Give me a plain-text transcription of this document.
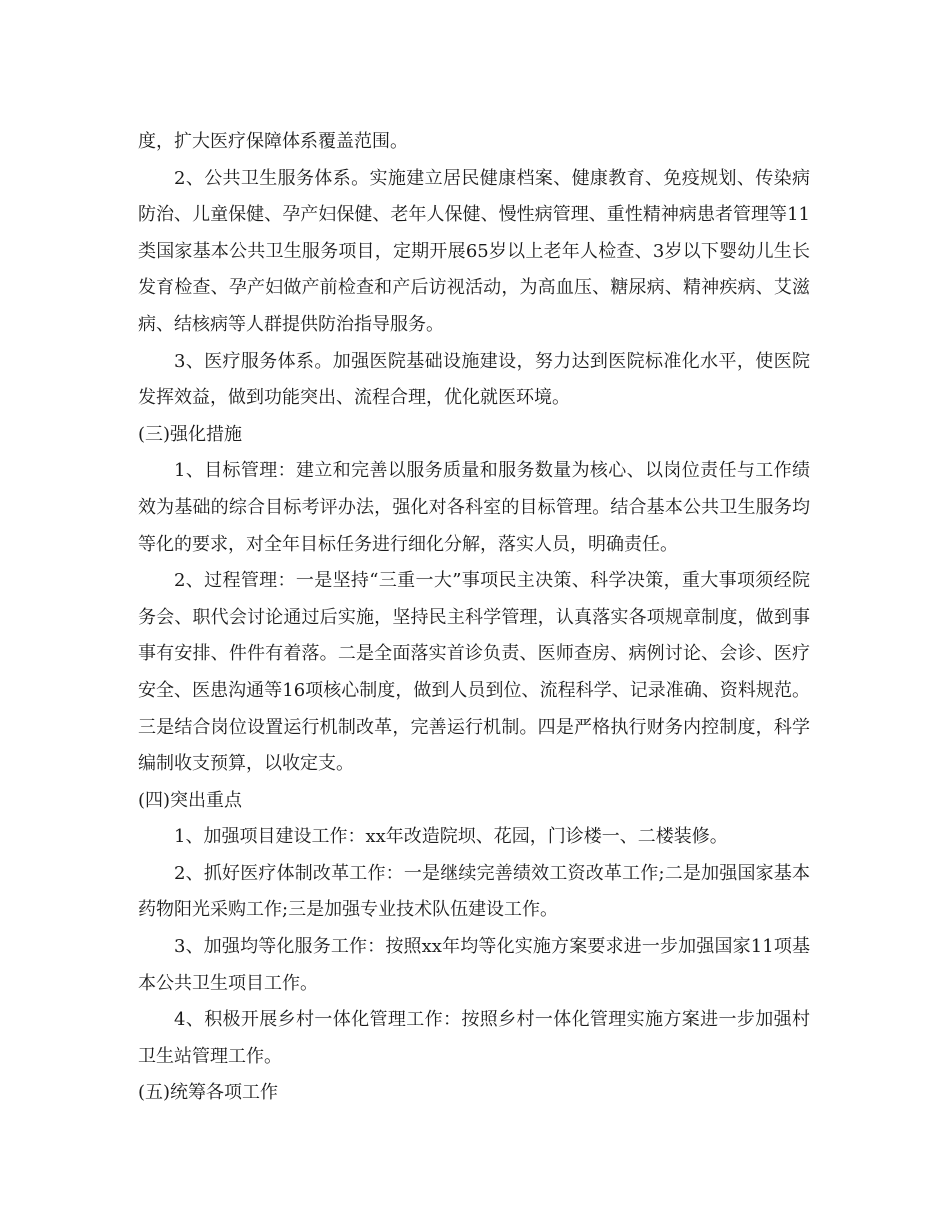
度，扩大医疗保障体系覆盖范围。

2、公共卫生服务体系。实施建立居民健康档案、健康教育、免疫规划、传染病防治、儿童保健、孕产妇保健、老年人保健、慢性病管理、重性精神病患者管理等11类国家基本公共卫生服务项目，定期开展65岁以上老年人检查、3岁以下婴幼儿生长发育检查、孕产妇做产前检查和产后访视活动，为高血压、糖尿病、精神疾病、艾滋病、结核病等人群提供防治指导服务。

3、医疗服务体系。加强医院基础设施建设，努力达到医院标准化水平，使医院发挥效益，做到功能突出、流程合理，优化就医环境。

(三)强化措施

1、目标管理：建立和完善以服务质量和服务数量为核心、以岗位责任与工作绩效为基础的综合目标考评办法，强化对各科室的目标管理。结合基本公共卫生服务均等化的要求，对全年目标任务进行细化分解，落实人员，明确责任。

2、过程管理：一是坚持“三重一大”事项民主决策、科学决策，重大事项须经院务会、职代会讨论通过后实施，坚持民主科学管理，认真落实各项规章制度，做到事事有安排、件件有着落。二是全面落实首诊负责、医师查房、病例讨论、会诊、医疗安全、医患沟通等16项核心制度，做到人员到位、流程科学、记录准确、资料规范。三是结合岗位设置运行机制改革，完善运行机制。四是严格执行财务内控制度，科学编制收支预算，以收定支。

(四)突出重点

1、加强项目建设工作：xx年改造院坝、花园，门诊楼一、二楼装修。

2、抓好医疗体制改革工作：一是继续完善绩效工资改革工作;二是加强国家基本药物阳光采购工作;三是加强专业技术队伍建设工作。

3、加强均等化服务工作：按照xx年均等化实施方案要求进一步加强国家11项基本公共卫生项目工作。

4、积极开展乡村一体化管理工作：按照乡村一体化管理实施方案进一步加强村卫生站管理工作。

(五)统筹各项工作
